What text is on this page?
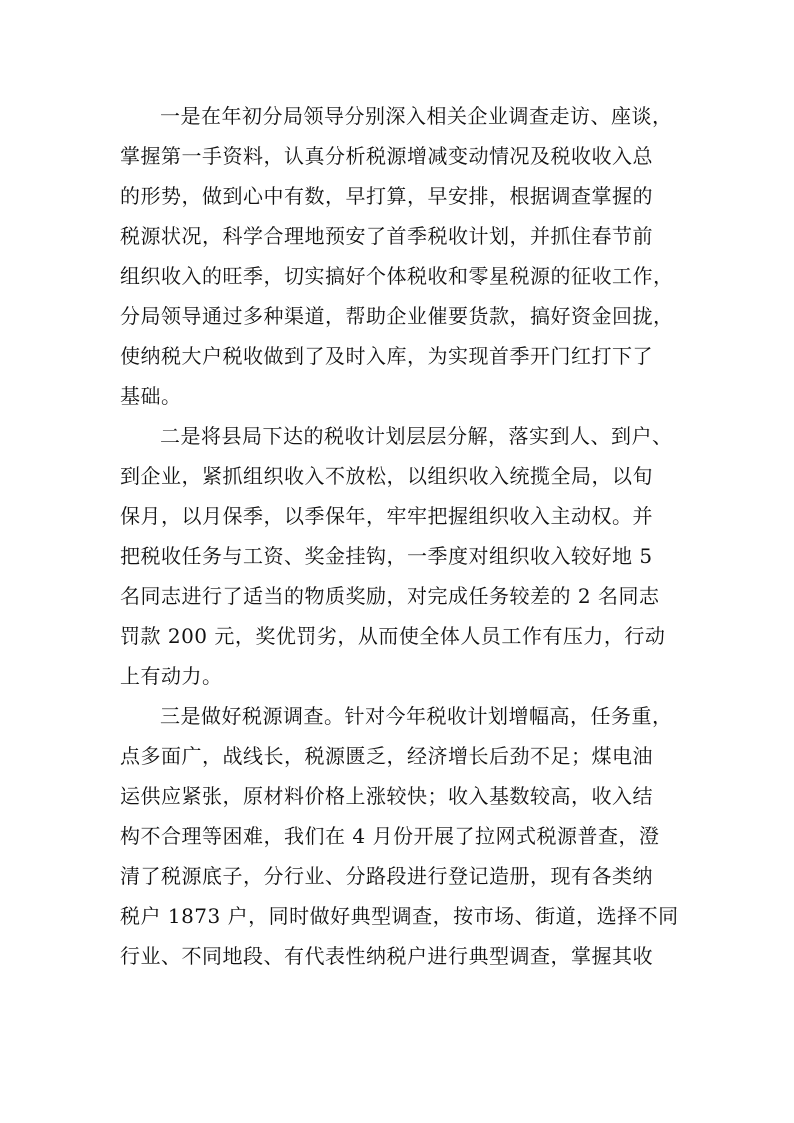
一是在年初分局领导分别深入相关企业调查走访、座谈，
掌握第一手资料，认真分析税源增减变动情况及税收收入总
的形势，做到心中有数，早打算，早安排，根据调查掌握的
税源状况，科学合理地预安了首季税收计划，并抓住春节前
组织收入的旺季，切实搞好个体税收和零星税源的征收工作，
分局领导通过多种渠道，帮助企业催要货款，搞好资金回拢，
使纳税大户税收做到了及时入库，为实现首季开门红打下了
基础。
二是将县局下达的税收计划层层分解，落实到人、到户、
到企业，紧抓组织收入不放松，以组织收入统揽全局，以旬
保月，以月保季，以季保年，牢牢把握组织收入主动权。并
把税收任务与工资、奖金挂钩，一季度对组织收入较好地 5
名同志进行了适当的物质奖励，对完成任务较差的 2 名同志
罚款 200 元，奖优罚劣，从而使全体人员工作有压力，行动
上有动力。
三是做好税源调查。针对今年税收计划增幅高，任务重，
点多面广，战线长，税源匮乏，经济增长后劲不足；煤电油
运供应紧张，原材料价格上涨较快；收入基数较高，收入结
构不合理等困难，我们在 4 月份开展了拉网式税源普查，澄
清了税源底子，分行业、分路段进行登记造册，现有各类纳
税户 1873 户，同时做好典型调查，按市场、街道，选择不同
行业、不同地段、有代表性纳税户进行典型调查，掌握其收
